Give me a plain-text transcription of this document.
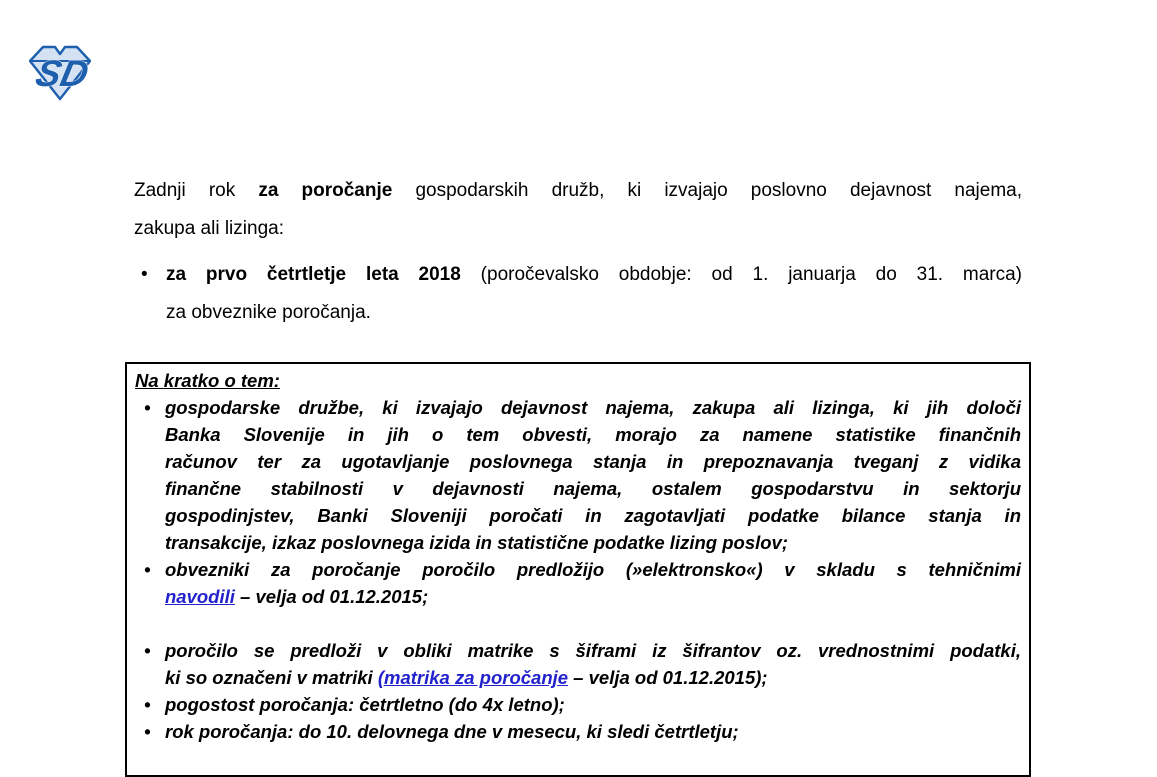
SD
Zadnji rok za poročanje gospodarskih družb, ki izvajajo poslovno dejavnost najema,
zakupa ali lizinga:
• za prvo četrtletje leta 2018 (poročevalsko obdobje: od 1. januarja do 31. marca)
za obveznike poročanja.
Na kratko o tem:
• gospodarske družbe, ki izvajajo dejavnost najema, zakupa ali lizinga, ki jih določi
Banka Slovenije in jih o tem obvesti, morajo za namene statistike finančnih
računov ter za ugotavljanje poslovnega stanja in prepoznavanja tveganj z vidika
finančne stabilnosti v dejavnosti najema, ostalem gospodarstvu in sektorju
gospodinjstev, Banki Sloveniji poročati in zagotavljati podatke bilance stanja in
transakcije, izkaz poslovnega izida in statistične podatke lizing poslov;
• obvezniki za poročanje poročilo predložijo (»elektronsko«) v skladu s tehničnimi
navodili – velja od 01.12.2015;
• poročilo se predloži v obliki matrike s šiframi iz šifrantov oz. vrednostnimi podatki,
ki so označeni v matriki (matrika za poročanje – velja od 01.12.2015);
• pogostost poročanja: četrtletno (do 4x letno);
• rok poročanja: do 10. delovnega dne v mesecu, ki sledi četrtletju;
